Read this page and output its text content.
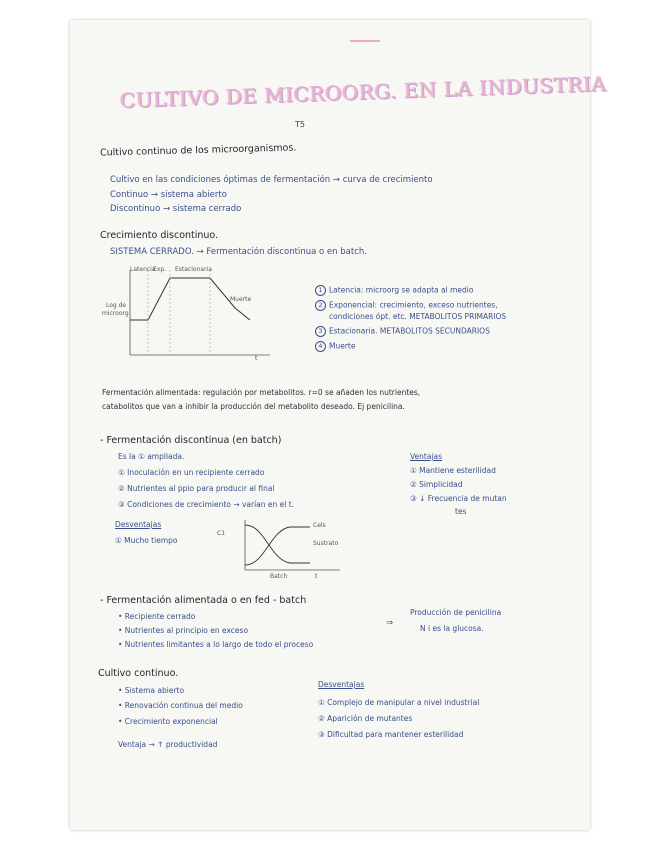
CULTIVO DE MICROORG. EN LA INDUSTRIA
T5
Cultivo continuo de los microorganismos.
Cultivo en las condiciones óptimas de fermentación → curva de crecimiento
Continuo → sistema abierto
Discontinuo → sistema cerrado
Crecimiento discontinuo.
SISTEMA CERRADO. → Fermentación discontinua o en batch.
Log de
microorg
t
Latencia
Exp. Estacionaria
Muerte
1 Latencia: microorg se adapta al medio
2 Exponencial: crecimiento, exceso nutrientes,
condiciones ópt. etc. METABOLITOS PRIMARIOS
3 Estacionaria. METABOLITOS SECUNDARIOS
4 Muerte
Fermentación alimentada: regulación por metabolitos. r=0 se añaden los nutrientes,
catabolitos que van a inhibir la producción del metabolito deseado. Ej penicilina.
- Fermentación discontinua (en batch)
Es la ① ampliada.
① Inoculación en un recipiente cerrado
② Nutrientes al ppio para producir al final
③ Condiciones de crecimiento → varían en el t.
Ventajas
① Mantiene esterilidad
② Simplicidad
③ ↓ Frecuencia de mutan
tes
Desventajas
① Mucho tiempo
C1
Cels
Sustrato
Batch	t
- Fermentación alimentada o en fed - batch
• Recipiente cerrado
• Nutrientes al principio en exceso
• Nutrientes limitantes a lo largo de todo el proceso
⇒
Producción de penicilina
N i es la glucosa.
Cultivo continuo.
• Sistema abierto
• Renovación continua del medio
• Crecimiento exponencial
Ventaja → ↑ productividad
Desventajas
① Complejo de manipular a nivel industrial
② Aparición de mutantes
③ Dificultad para mantener esterilidad
